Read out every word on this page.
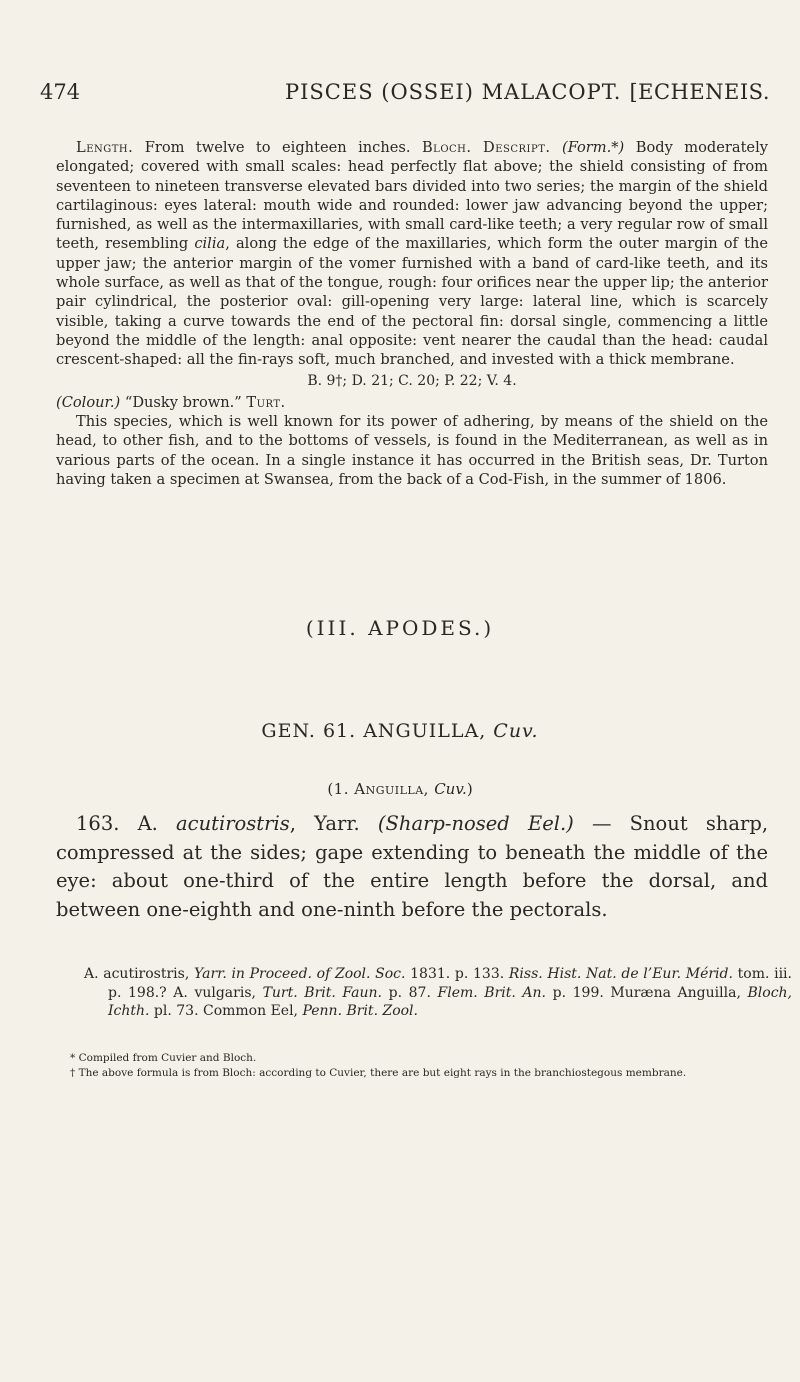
474	PISCES (OSSEI) MALACOPT. [ECHENEIS.

Length. From twelve to eighteen inches. Bloch. Descript. (Form.*) Body moderately elongated; covered with small scales: head perfectly flat above; the shield consisting of from seventeen to nineteen transverse elevated bars divided into two series; the margin of the shield cartilaginous: eyes lateral: mouth wide and rounded: lower jaw advancing beyond the upper; furnished, as well as the intermaxillaries, with small card-like teeth; a very regular row of small teeth, resembling cilia, along the edge of the maxillaries, which form the outer margin of the upper jaw; the anterior margin of the vomer furnished with a band of card-like teeth, and its whole surface, as well as that of the tongue, rough: four orifices near the upper lip; the anterior pair cylindrical, the posterior oval: gill-opening very large: lateral line, which is scarcely visible, taking a curve towards the end of the pectoral fin: dorsal single, commencing a little beyond the middle of the length: anal opposite: vent nearer the caudal than the head: caudal crescent-shaped: all the fin-rays soft, much branched, and invested with a thick membrane.

B. 9†; D. 21; C. 20; P. 22; V. 4.

(Colour.) “Dusky brown.” Turt.

This species, which is well known for its power of adhering, by means of the shield on the head, to other fish, and to the bottoms of vessels, is found in the Mediterranean, as well as in various parts of the ocean. In a single instance it has occurred in the British seas, Dr. Turton having taken a specimen at Swansea, from the back of a Cod-Fish, in the summer of 1806.

(III. APODES.)
GEN. 61. ANGUILLA, Cuv.
(1. Anguilla, Cuv.)

163. A. acutirostris, Yarr. (Sharp-nosed Eel.) — Snout sharp, compressed at the sides; gape extending to beneath the middle of the eye: about one-third of the entire length before the dorsal, and between one-eighth and one-ninth before the pectorals.

A. acutirostris, Yarr. in Proceed. of Zool. Soc. 1831. p. 133. Riss. Hist. Nat. de l’Eur. Mérid. tom. iii. p. 198.? A. vulgaris, Turt. Brit. Faun. p. 87. Flem. Brit. An. p. 199. Muræna Anguilla, Bloch, Ichth. pl. 73. Common Eel, Penn. Brit. Zool.

* Compiled from Cuvier and Bloch.

† The above formula is from Bloch: according to Cuvier, there are but eight rays in the branchiostegous membrane.
